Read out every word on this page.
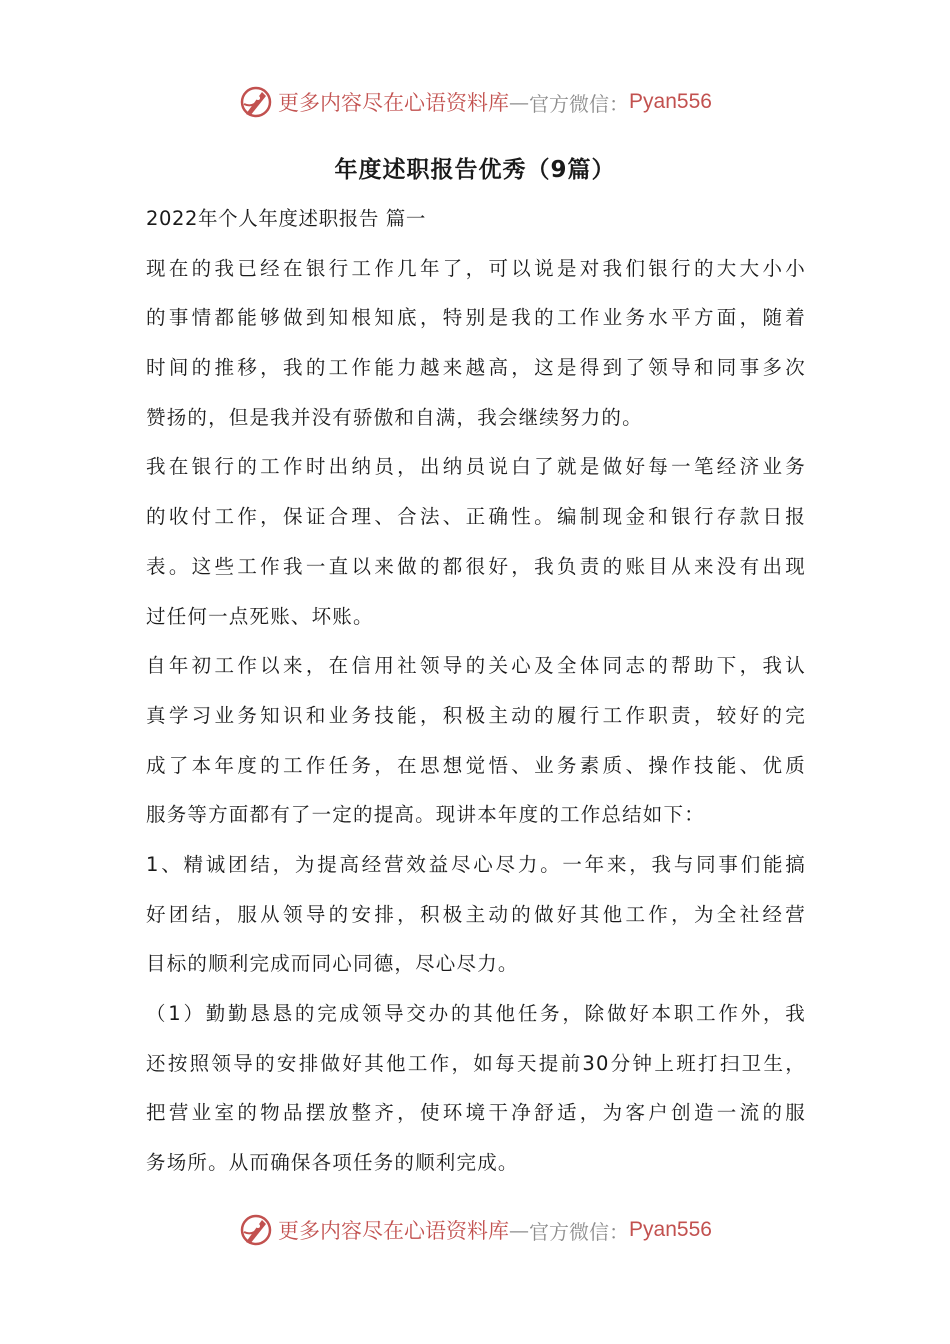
更多内容尽在心语资料库 — 官方微信： Pyan556
年度述职报告优秀（9篇）
2022年个人年度述职报告 篇一
现在的我已经在银行工作几年了，可以说是对我们银行的大大小小
的事情都能够做到知根知底，特别是我的工作业务水平方面，随着
时间的推移，我的工作能力越来越高，这是得到了领导和同事多次
赞扬的，但是我并没有骄傲和自满，我会继续努力的。
我在银行的工作时出纳员，出纳员说白了就是做好每一笔经济业务
的收付工作，保证合理、合法、正确性。编制现金和银行存款日报
表。这些工作我一直以来做的都很好，我负责的账目从来没有出现
过任何一点死账、坏账。
自年初工作以来，在信用社领导的关心及全体同志的帮助下，我认
真学习业务知识和业务技能，积极主动的履行工作职责，较好的完
成了本年度的工作任务，在思想觉悟、业务素质、操作技能、优质
服务等方面都有了一定的提高。现讲本年度的工作总结如下：
1、精诚团结，为提高经营效益尽心尽力。一年来，我与同事们能搞
好团结，服从领导的安排，积极主动的做好其他工作，为全社经营
目标的顺利完成而同心同德，尽心尽力。
（1）勤勤恳恳的完成领导交办的其他任务，除做好本职工作外，我
还按照领导的安排做好其他工作，如每天提前30分钟上班打扫卫生，
把营业室的物品摆放整齐，使环境干净舒适，为客户创造一流的服
务场所。从而确保各项任务的顺利完成。
更多内容尽在心语资料库 — 官方微信： Pyan556
